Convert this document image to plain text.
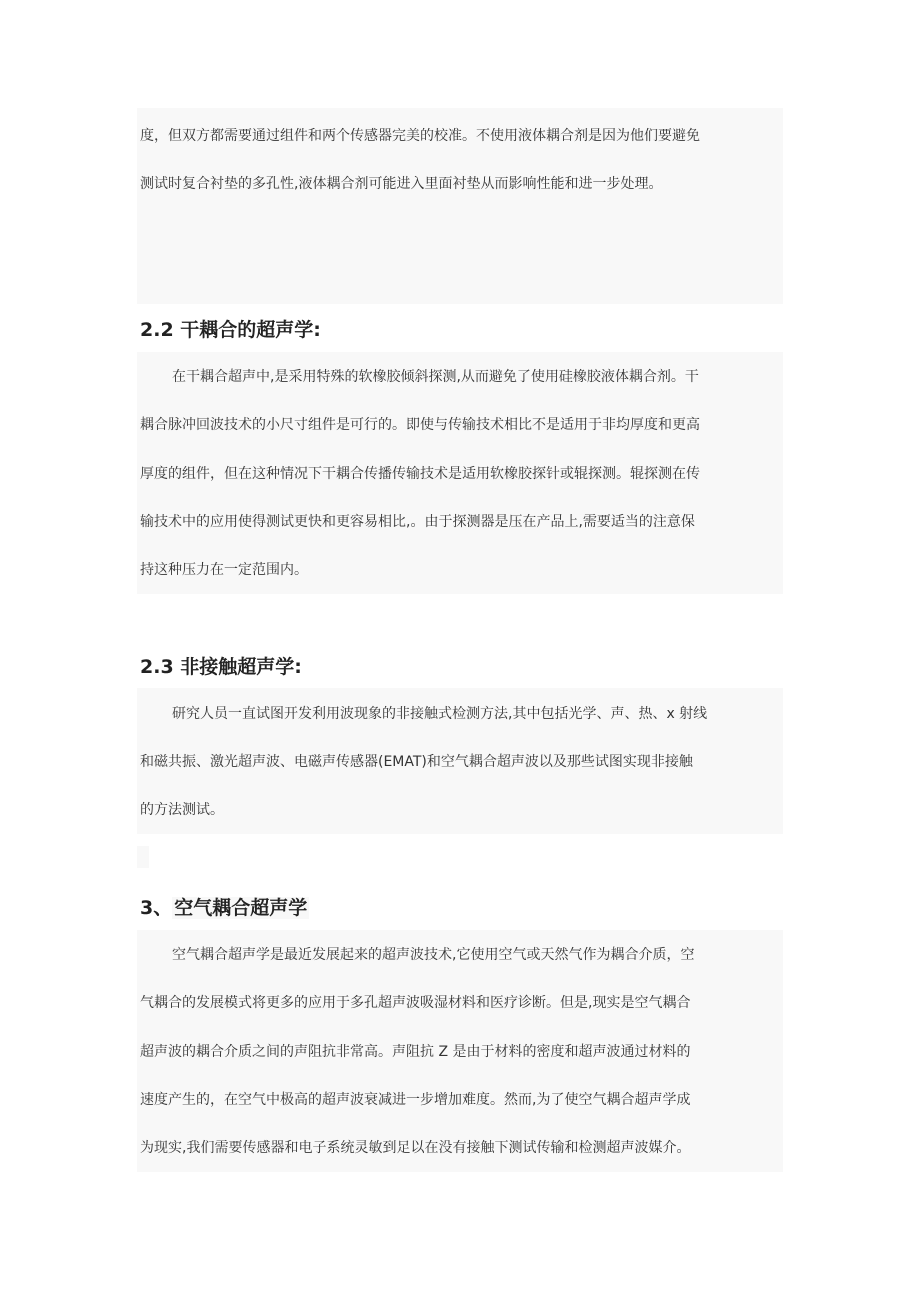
度，但双方都需要通过组件和两个传感器完美的校准。不使用液体耦合剂是因为他们要避免
测试时复合衬垫的多孔性,液体耦合剂可能进入里面衬垫从而影响性能和进一步处理。
2.2 干耦合的超声学:
在干耦合超声中,是采用特殊的软橡胶倾斜探测,从而避免了使用硅橡胶液体耦合剂。干
耦合脉冲回波技术的小尺寸组件是可行的。即使与传输技术相比不是适用于非均厚度和更高
厚度的组件，但在这种情况下干耦合传播传输技术是适用软橡胶探针或辊探测。辊探测在传
输技术中的应用使得测试更快和更容易相比,。由于探测器是压在产品上,需要适当的注意保
持这种压力在一定范围内。
2.3 非接触超声学:
研究人员一直试图开发利用波现象的非接触式检测方法,其中包括光学、声、热、x 射线
和磁共振、激光超声波、电磁声传感器(EMAT)和空气耦合超声波以及那些试图实现非接触
的方法测试。
3、 空气耦合超声学
空气耦合超声学是最近发展起来的超声波技术,它使用空气或天然气作为耦合介质，空
气耦合的发展模式将更多的应用于多孔超声波吸湿材料和医疗诊断。但是,现实是空气耦合
超声波的耦合介质之间的声阻抗非常高。声阻抗 Z 是由于材料的密度和超声波通过材料的
速度产生的，在空气中极高的超声波衰减进一步增加难度。然而,为了使空气耦合超声学成
为现实,我们需要传感器和电子系统灵敏到足以在没有接触下测试传输和检测超声波媒介。
